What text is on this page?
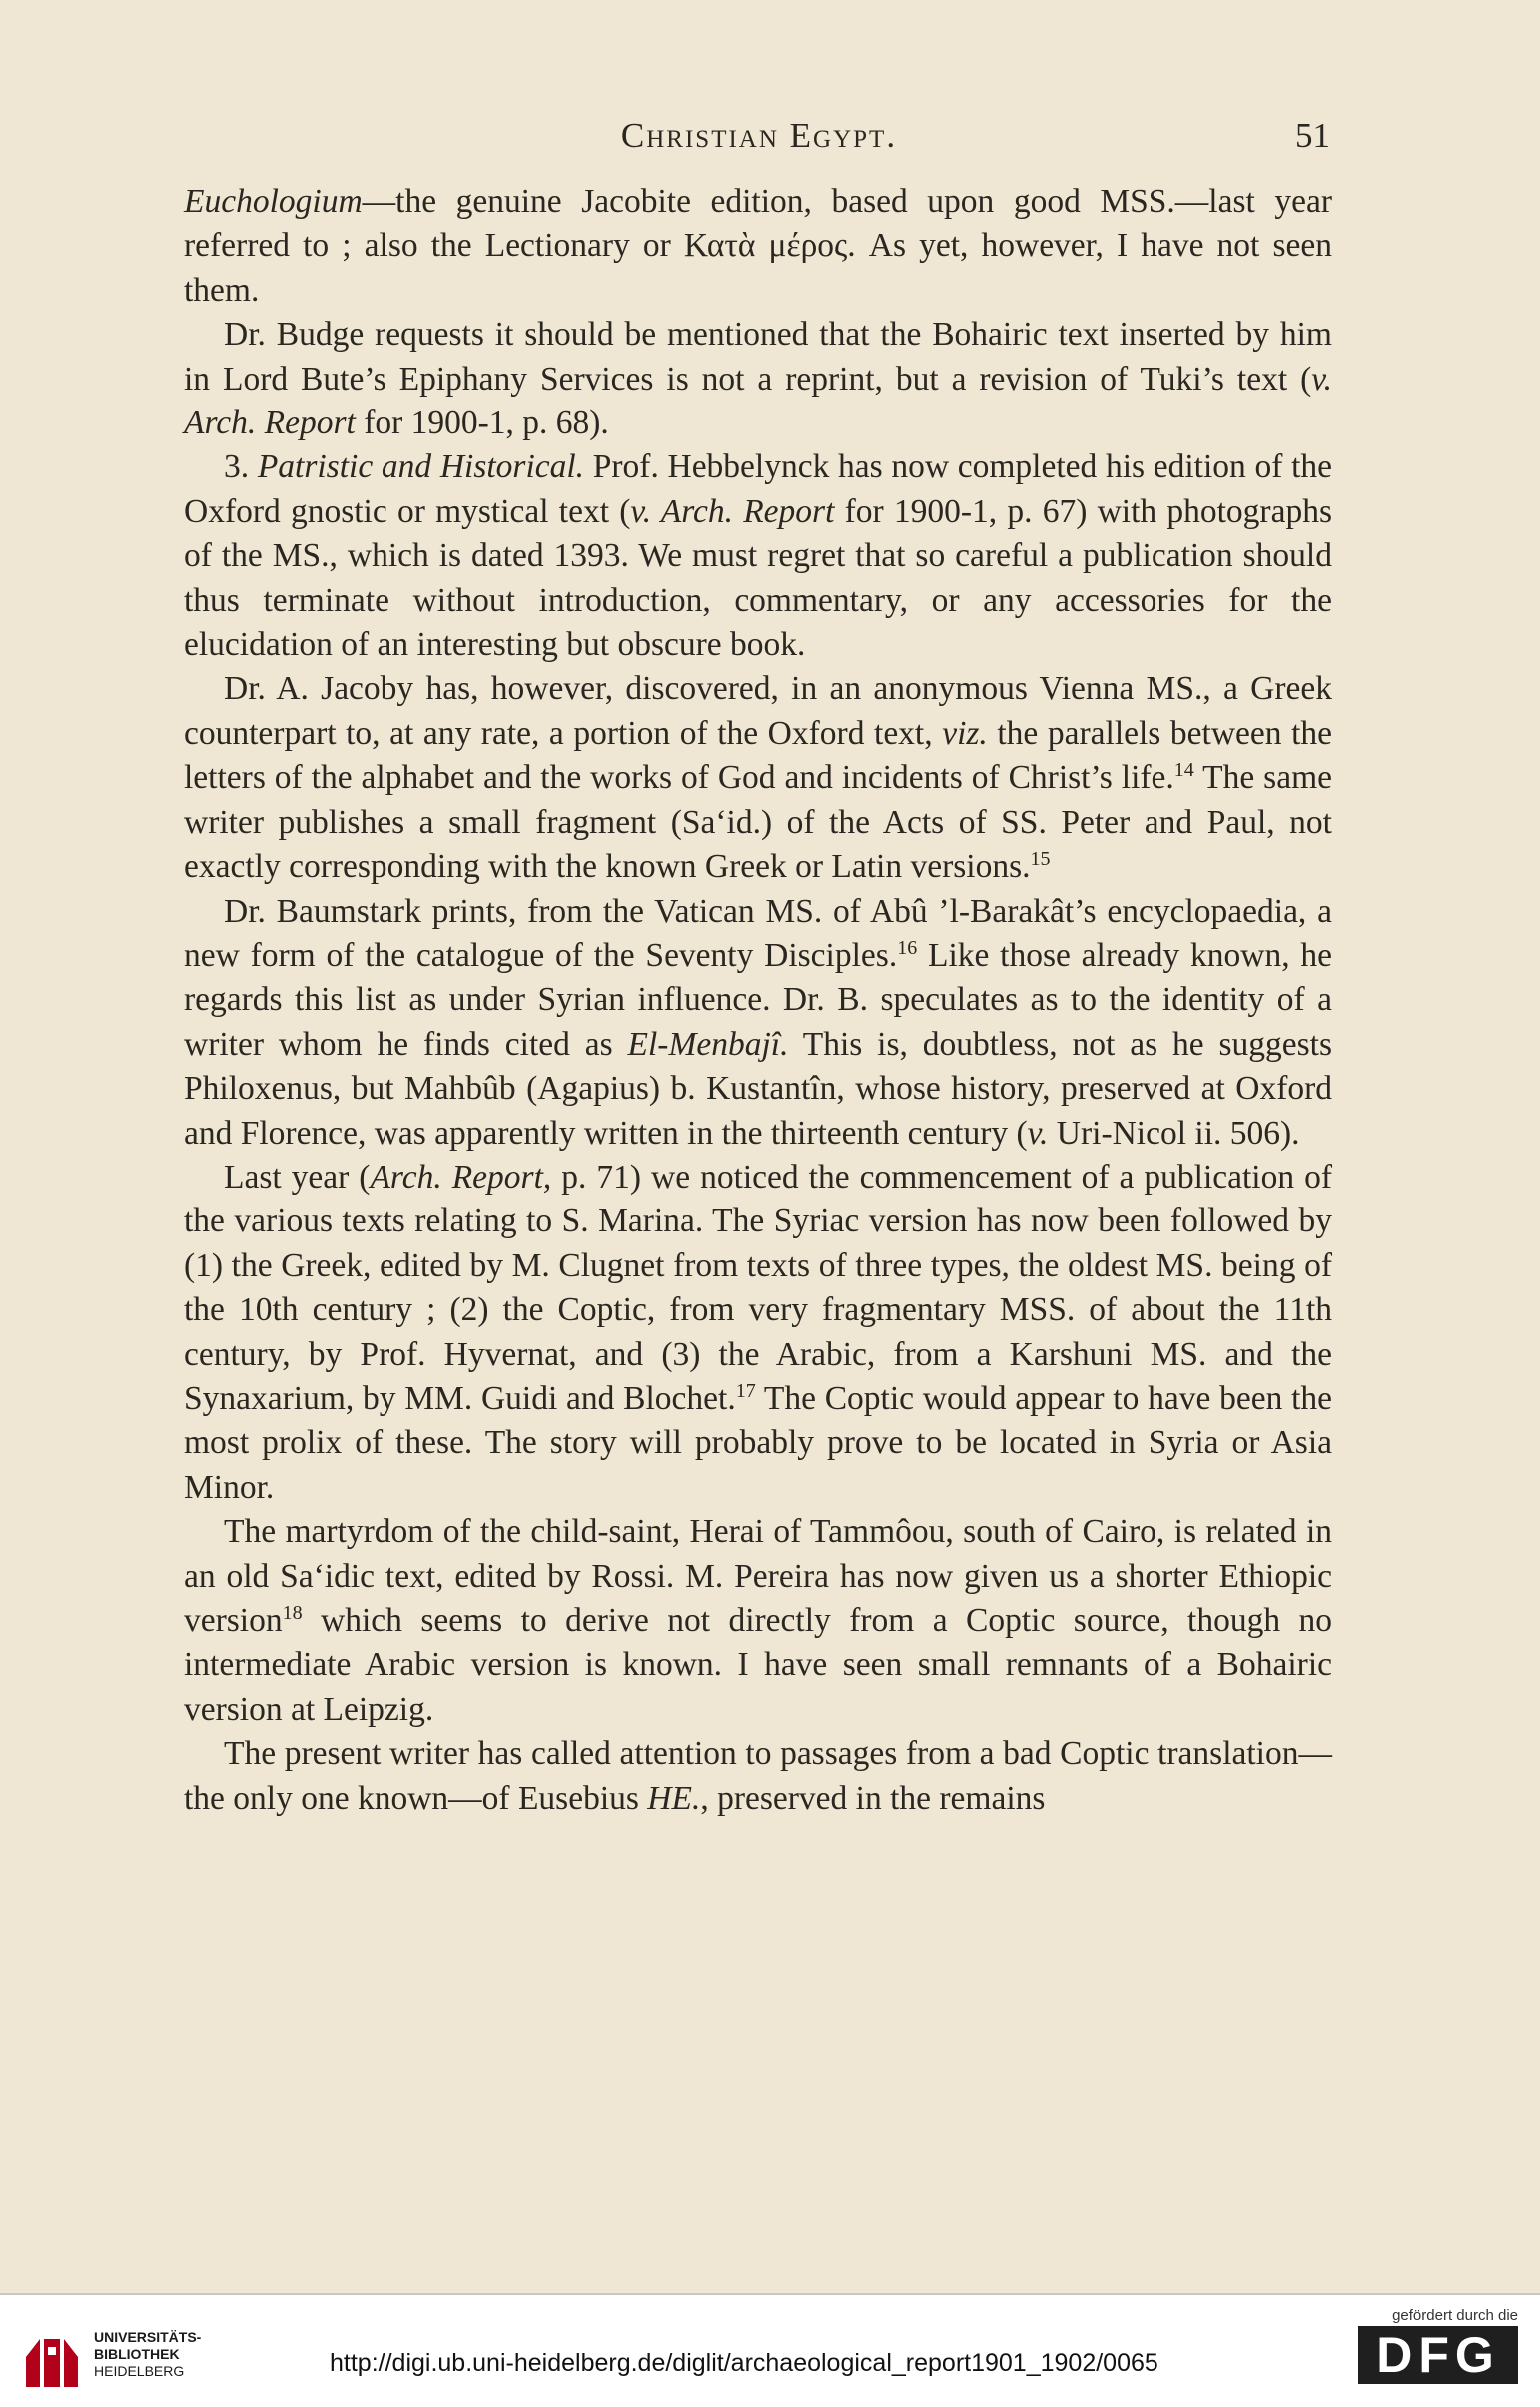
Christian Egypt.	51

Euchologium—the genuine Jacobite edition, based upon good MSS.—last year referred to ; also the Lectionary or Κατὰ μέρος. As yet, however, I have not seen them.

Dr. Budge requests it should be mentioned that the Bohairic text inserted by him in Lord Bute’s Epiphany Services is not a reprint, but a revision of Tuki’s text (v. Arch. Report for 1900-1, p. 68).

3. Patristic and Historical. Prof. Hebbelynck has now completed his edition of the Oxford gnostic or mystical text (v. Arch. Report for 1900-1, p. 67) with photographs of the MS., which is dated 1393. We must regret that so careful a publication should thus terminate without introduction, commentary, or any accessories for the elucidation of an interesting but obscure book.

Dr. A. Jacoby has, however, discovered, in an anonymous Vienna MS., a Greek counterpart to, at any rate, a portion of the Oxford text, viz. the parallels between the letters of the alphabet and the works of God and incidents of Christ’s life.$^{14}$ The same writer publishes a small fragment (Sa‘id.) of the Acts of SS. Peter and Paul, not exactly corresponding with the known Greek or Latin versions.$^{15}$

Dr. Baumstark prints, from the Vatican MS. of Abû ’l-Barakât’s encyclopaedia, a new form of the catalogue of the Seventy Disciples.$^{16}$ Like those already known, he regards this list as under Syrian influence. Dr. B. speculates as to the identity of a writer whom he finds cited as El-Menbajî. This is, doubtless, not as he suggests Philoxenus, but Mahbûb (Agapius) b. Kustantîn, whose history, preserved at Oxford and Florence, was apparently written in the thirteenth century (v. Uri-Nicol ii. 506).

Last year (Arch. Report, p. 71) we noticed the commencement of a publication of the various texts relating to S. Marina. The Syriac version has now been followed by (1) the Greek, edited by M. Clugnet from texts of three types, the oldest MS. being of the 10th century ; (2) the Coptic, from very fragmentary MSS. of about the 11th century, by Prof. Hyvernat, and (3) the Arabic, from a Karshuni MS. and the Synaxarium, by MM. Guidi and Blochet.$^{17}$ The Coptic would appear to have been the most prolix of these. The story will probably prove to be located in Syria or Asia Minor.

The martyrdom of the child-saint, Herai of Tammôou, south of Cairo, is related in an old Sa‘idic text, edited by Rossi. M. Pereira has now given us a shorter Ethiopic version$^{18}$ which seems to derive not directly from a Coptic source, though no intermediate Arabic version is known. I have seen small remnants of a Bohairic version at Leipzig.

The present writer has called attention to passages from a bad Coptic translation—the only one known—of Eusebius HE., preserved in the remains

UNIVERSITÄTS-
BIBLIOTHEK
HEIDELBERG	http://digi.ub.uni-heidelberg.de/diglit/archaeological_report1901_1902/0065
gefördert durch die
DFG
